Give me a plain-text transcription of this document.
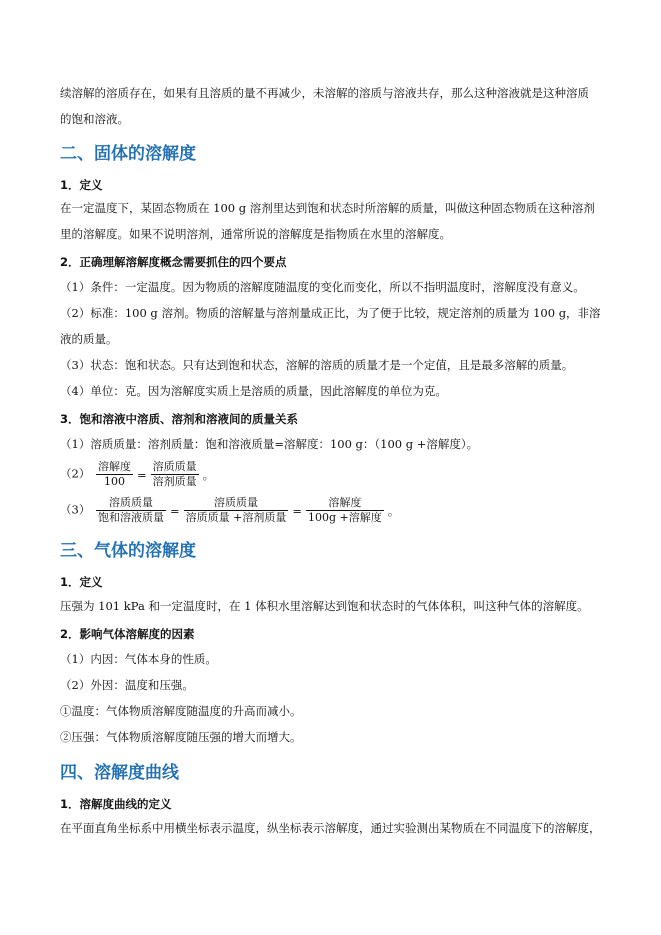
续溶解的溶质存在，如果有且溶质的量不再减少，未溶解的溶质与溶液共存，那么这种溶液就是这种溶质
的饱和溶液。
二、固体的溶解度
1．定义
在一定温度下，某固态物质在 100 g 溶剂里达到饱和状态时所溶解的质量，叫做这种固态物质在这种溶剂
里的溶解度。如果不说明溶剂，通常所说的溶解度是指物质在水里的溶解度。
2．正确理解溶解度概念需要抓住的四个要点
（1）条件：一定温度。因为物质的溶解度随温度的变化而变化，所以不指明温度时，溶解度没有意义。
（2）标准：100 g 溶剂。物质的溶解量与溶剂量成正比，为了便于比较，规定溶剂的质量为 100 g，非溶
液的质量。
（3）状态：饱和状态。只有达到饱和状态，溶解的溶质的质量才是一个定值，且是最多溶解的质量。
（4）单位：克。因为溶解度实质上是溶质的质量，因此溶解度的单位为克。
3．饱和溶液中溶质、溶剂和溶液间的质量关系
（1）溶质质量：溶剂质量：饱和溶液质量=溶解度：100 g：（100 g +溶解度）。
$(2) \frac{\text{溶解度}}{100} = \frac{\text{溶质质量}}{\text{溶剂质量}}$ 。
$(3) \frac{\text{溶质质量}}{\text{饱和溶液质量}} = \frac{\text{溶质质量}}{\text{溶质质量 +溶剂质量}} = \frac{\text{溶解度}}{\text{100g +溶解度}}$ 。
三、气体的溶解度
1．定义
压强为 101 kPa 和一定温度时，在 1 体积水里溶解达到饱和状态时的气体体积，叫这种气体的溶解度。
2．影响气体溶解度的因素
（1）内因：气体本身的性质。
（2）外因：温度和压强。
①温度：气体物质溶解度随温度的升高而减小。
②压强：气体物质溶解度随压强的增大而增大。
四、溶解度曲线
1．溶解度曲线的定义
在平面直角坐标系中用横坐标表示温度，纵坐标表示溶解度，通过实验测出某物质在不同温度下的溶解度，
